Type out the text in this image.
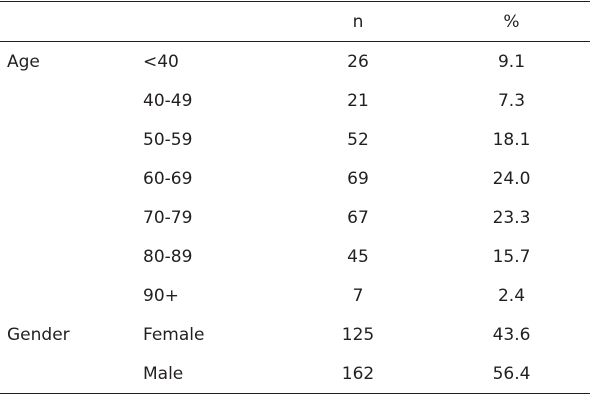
		n	%
Age	<40	26	9.1
	40-49	21	7.3
	50-59	52	18.1
	60-69	69	24.0
	70-79	67	23.3
	80-89	45	15.7
	90+	7	2.4
Gender	Female	125	43.6
	Male	162	56.4
